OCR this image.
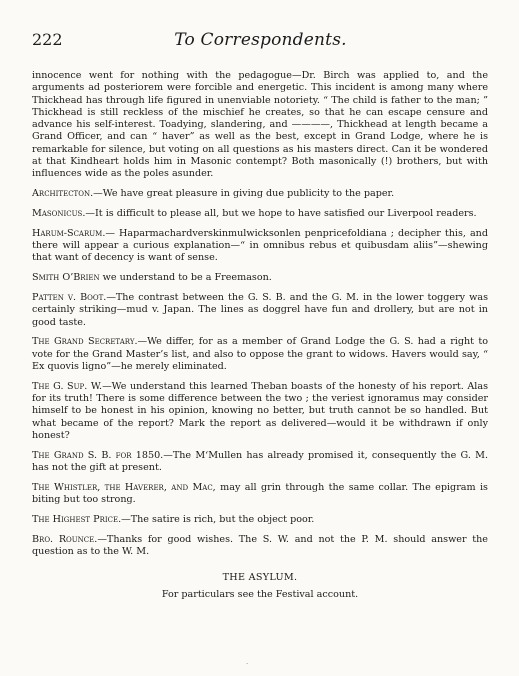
222	To Correspondents.

innocence went for nothing with the pedagogue—Dr. Birch was applied to, and the arguments ad posteriorem were forcible and energetic. This incident is among many where Thickhead has through life figured in unenviable notoriety. “ The child is father to the man; ” Thickhead is still reckless of the mischief he creates, so that he can escape censure and advance his self-interest. Toadying, slandering, and ————, Thickhead at length became a Grand Officer, and can “ haver” as well as the best, except in Grand Lodge, where he is remarkable for silence, but voting on all questions as his masters direct. Can it be wondered at that Kindheart holds him in Masonic contempt? Both masonically (!) brothers, but with influences wide as the poles asunder.

Architecton.—We have great pleasure in giving due publicity to the paper.

Masonicus.—It is difficult to please all, but we hope to have satisfied our Liverpool readers.

Harum-Scarum.— Haparmachardverskinmulwicksonlen penpricefoldiana ; decipher this, and there will appear a curious explanation—“ in omnibus rebus et quibusdam aliis”—shewing that want of decency is want of sense.

Smith O’Brien we understand to be a Freemason.

Patten v. Boot.—The contrast between the G. S. B. and the G. M. in the lower toggery was certainly striking—mud v. Japan. The lines as doggrel have fun and drollery, but are not in good taste.

The Grand Secretary.—We differ, for as a member of Grand Lodge the G. S. had a right to vote for the Grand Master’s list, and also to oppose the grant to widows. Havers would say, “ Ex quovis ligno”—he merely eliminated.

The G. Sup. W.—We understand this learned Theban boasts of the honesty of his report. Alas for its truth! There is some difference between the two ; the veriest ignoramus may consider himself to be honest in his opinion, knowing no better, but truth cannot be so handled. But what became of the report? Mark the report as delivered—would it be withdrawn if only honest?

The Grand S. B. for 1850.—The M‘Mullen has already promised it, consequently the G. M. has not the gift at present.

The Whistler, the Haverer, and Mac, may all grin through the same collar. The epigram is biting but too strong.

The Highest Price.—The satire is rich, but the object poor.

Bro. Rounce.—Thanks for good wishes. The S. W. and not the P. M. should answer the question as to the W. M.

THE ASYLUM.
For particulars see the Festival account.
·
